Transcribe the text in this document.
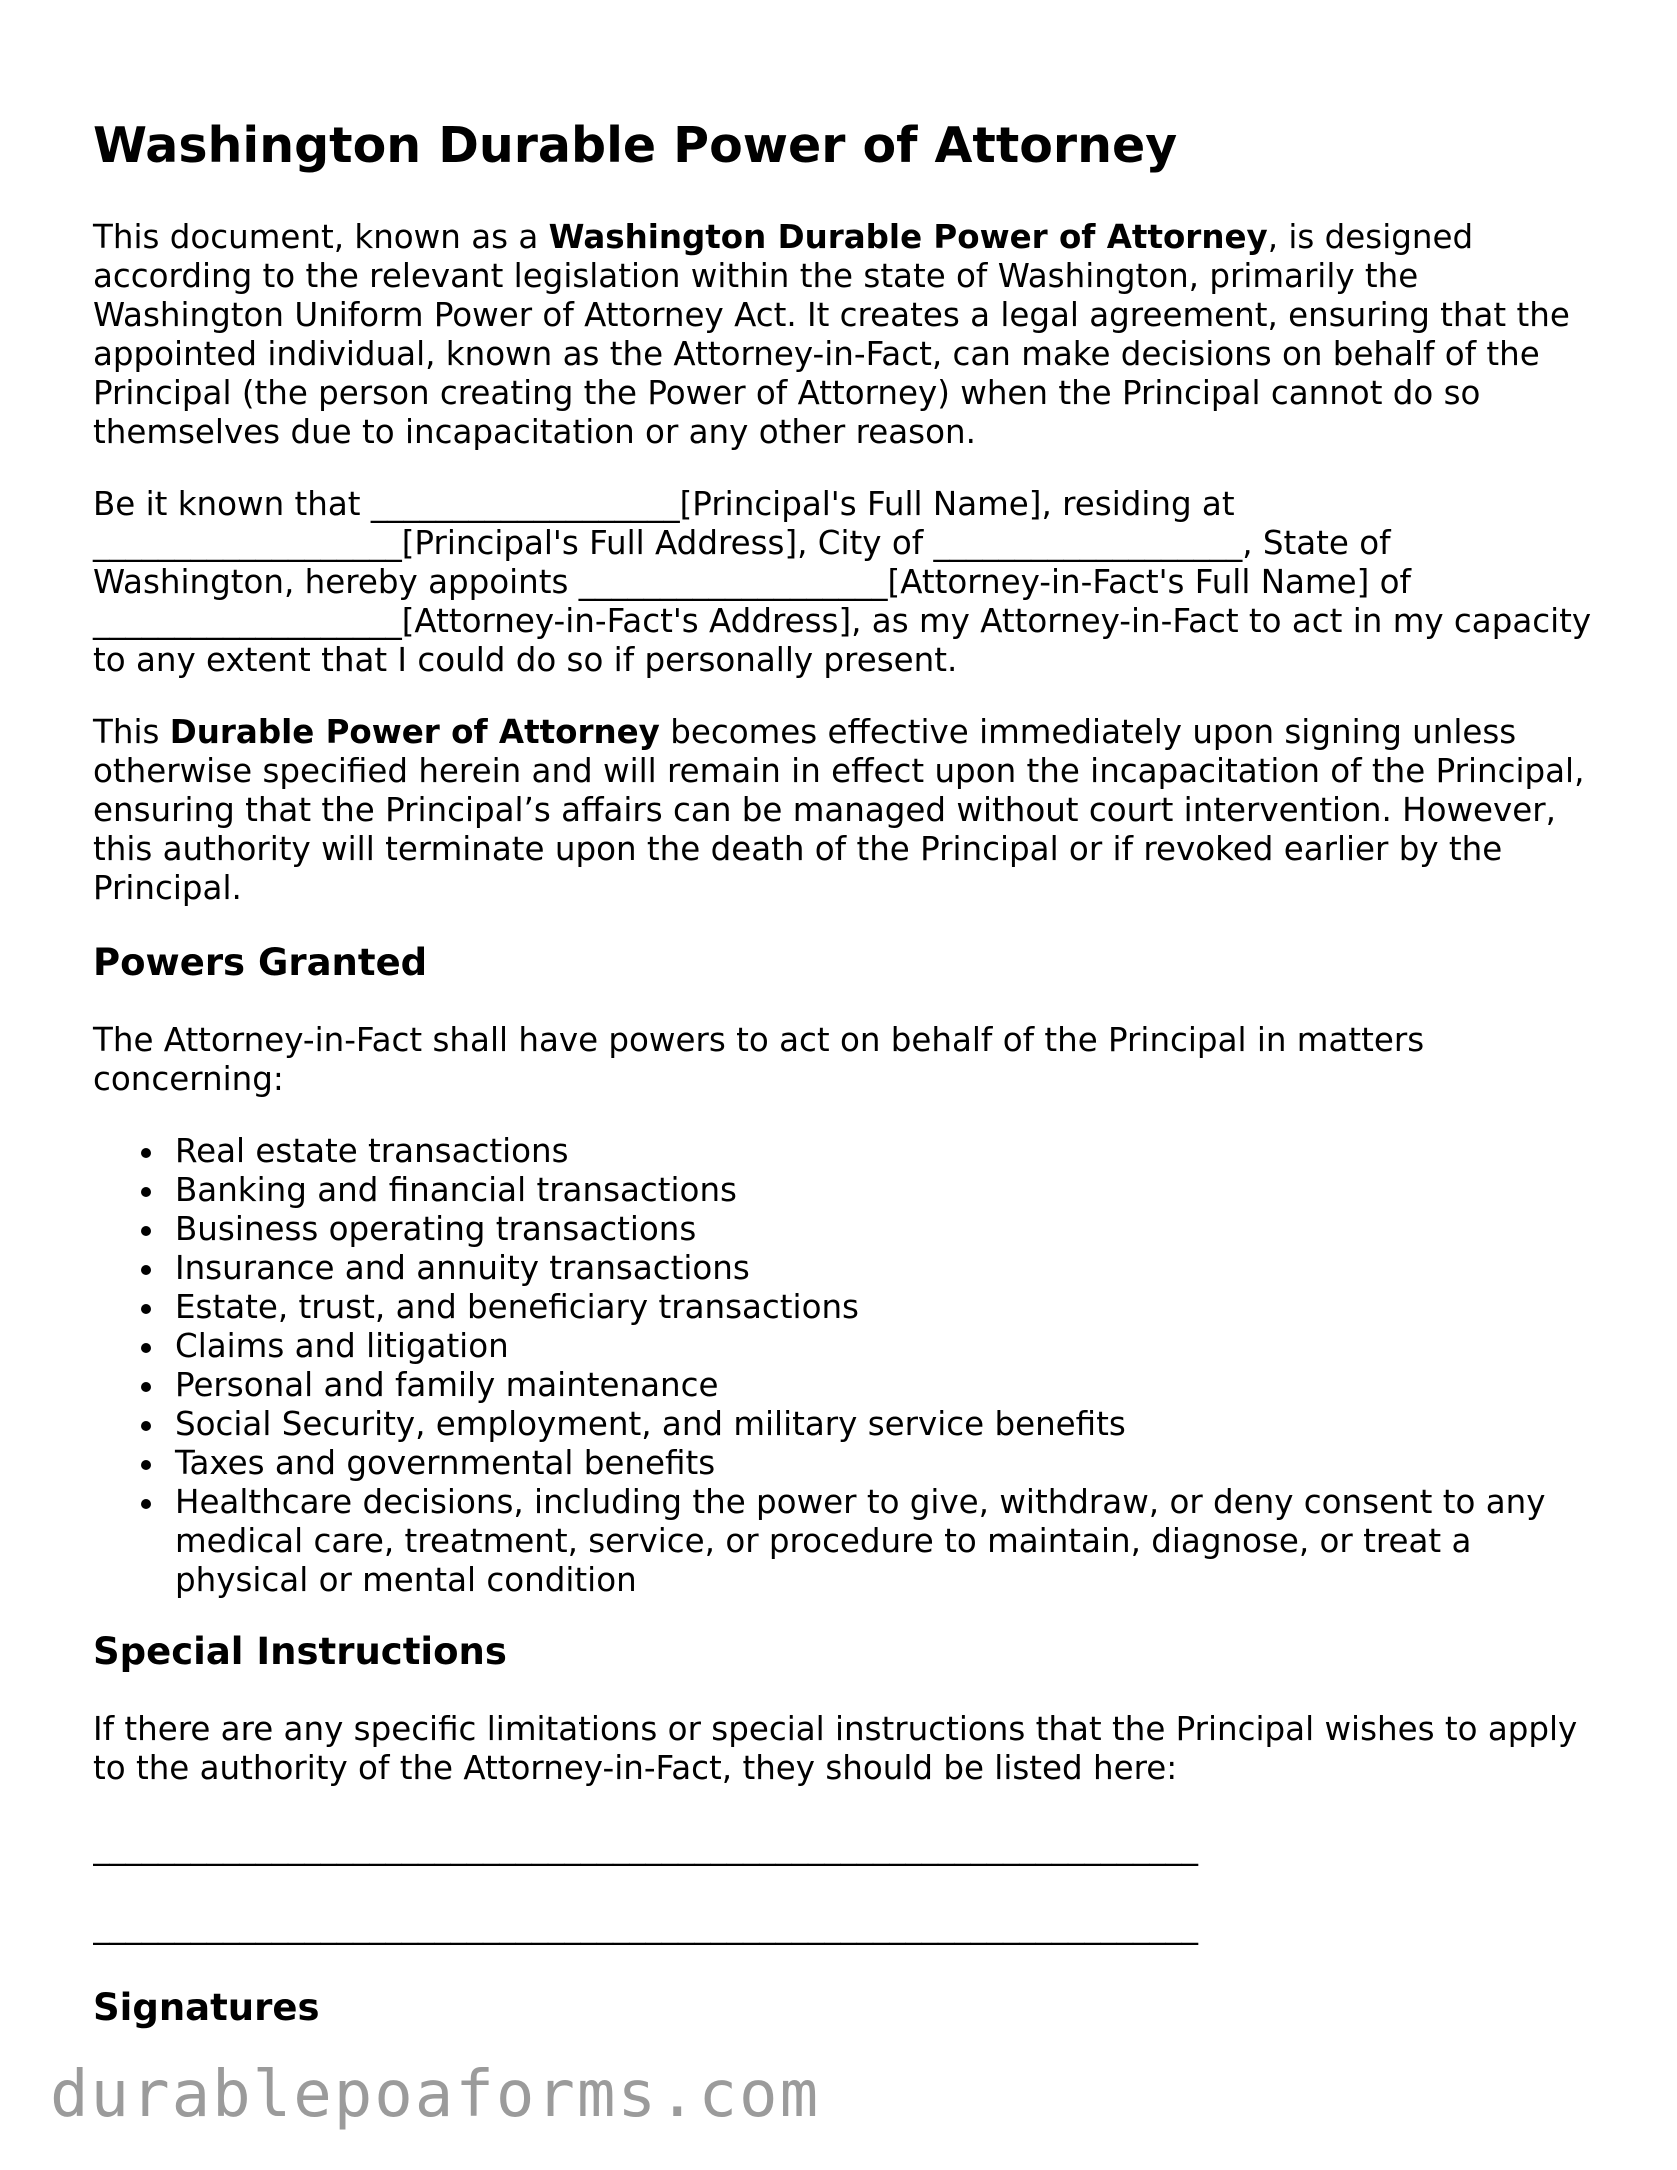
Washington Durable Power of Attorney

This document, known as a Washington Durable Power of Attorney, is designed according to the relevant legislation within the state of Washington, primarily the Washington Uniform Power of Attorney Act. It creates a legal agreement, ensuring that the appointed individual, known as the Attorney-in-Fact, can make decisions on behalf of the Principal (the person creating the Power of Attorney) when the Principal cannot do so themselves due to incapacitation or any other reason.

Be it known that ___________________[Principal's Full Name], residing at ___________________[Principal's Full Address], City of ___________________, State of Washington, hereby appoints ___________________[Attorney-in-Fact's Full Name] of ___________________[Attorney-in-Fact's Address], as my Attorney-in-Fact to act in my capacity to any extent that I could do so if personally present.

This Durable Power of Attorney becomes effective immediately upon signing unless otherwise specified herein and will remain in effect upon the incapacitation of the Principal, ensuring that the Principal’s affairs can be managed without court intervention. However, this authority will terminate upon the death of the Principal or if revoked earlier by the Principal.

Powers Granted

The Attorney-in-Fact shall have powers to act on behalf of the Principal in matters concerning:

Real estate transactions
Banking and financial transactions
Business operating transactions
Insurance and annuity transactions
Estate, trust, and beneficiary transactions
Claims and litigation
Personal and family maintenance
Social Security, employment, and military service benefits
Taxes and governmental benefits
Healthcare decisions, including the power to give, withdraw, or deny consent to any medical care, treatment, service, or procedure to maintain, diagnose, or treat a physical or mental condition
Special Instructions

If there are any specific limitations or special instructions that the Principal wishes to apply to the authority of the Attorney-in-Fact, they should be listed here:

____________________________________________________________________
____________________________________________________________________
Signatures
durablepoaforms.com
